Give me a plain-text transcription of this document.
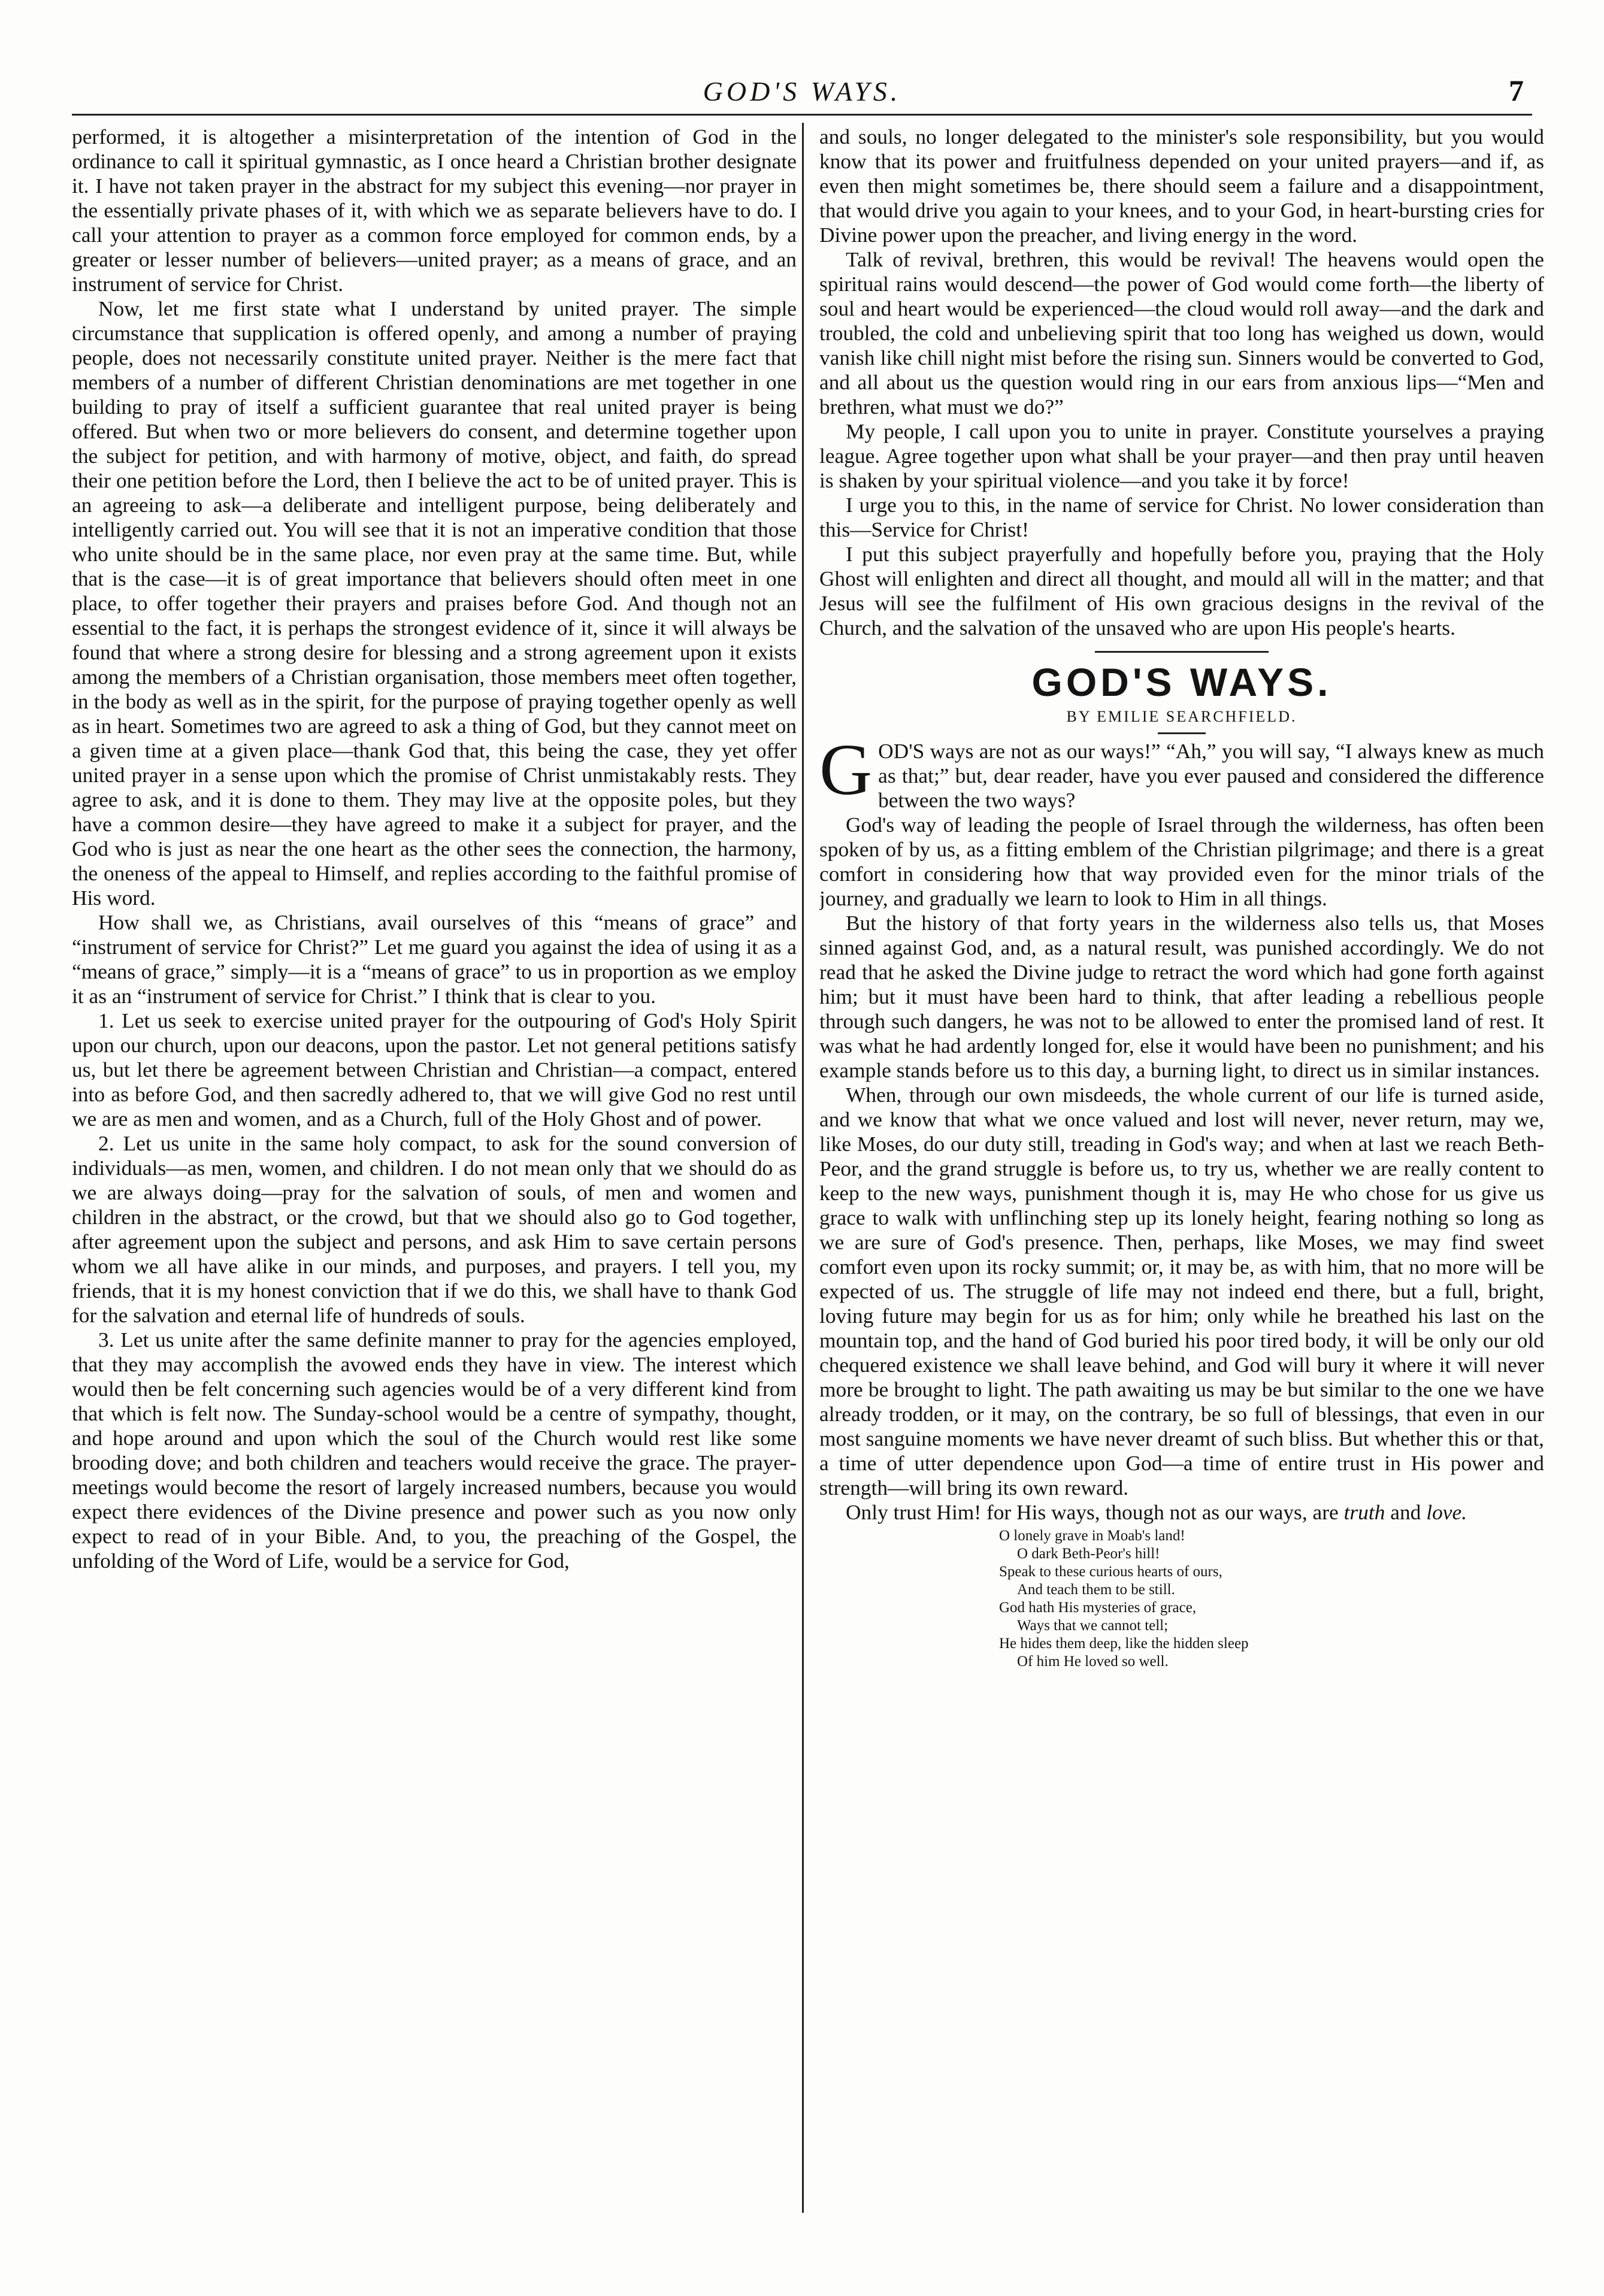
GOD'S WAYS.	7

performed, it is altogether a misinterpretation of the intention of God in the ordinance to call it spiritual gymnastic, as I once heard a Christian brother designate it. I have not taken prayer in the abstract for my subject this evening—nor prayer in the essentially private phases of it, with which we as separate believers have to do. I call your attention to prayer as a common force employed for common ends, by a greater or lesser number of believers—united prayer; as a means of grace, and an instrument of service for Christ.

Now, let me first state what I understand by united prayer. The simple circumstance that supplication is offered openly, and among a number of praying people, does not necessarily constitute united prayer. Neither is the mere fact that members of a number of different Christian denominations are met together in one building to pray of itself a sufficient guarantee that real united prayer is being offered. But when two or more believers do consent, and determine together upon the subject for petition, and with harmony of motive, object, and faith, do spread their one petition before the Lord, then I believe the act to be of united prayer. This is an agreeing to ask—a deliberate and intelligent purpose, being deliberately and intelligently carried out. You will see that it is not an imperative condition that those who unite should be in the same place, nor even pray at the same time. But, while that is the case—it is of great importance that believers should often meet in one place, to offer together their prayers and praises before God. And though not an essential to the fact, it is perhaps the strongest evidence of it, since it will always be found that where a strong desire for blessing and a strong agreement upon it exists among the members of a Christian organisation, those members meet often together, in the body as well as in the spirit, for the purpose of praying together openly as well as in heart. Sometimes two are agreed to ask a thing of God, but they cannot meet on a given time at a given place—thank God that, this being the case, they yet offer united prayer in a sense upon which the promise of Christ unmistakably rests. They agree to ask, and it is done to them. They may live at the opposite poles, but they have a common desire—they have agreed to make it a subject for prayer, and the God who is just as near the one heart as the other sees the connection, the harmony, the oneness of the appeal to Himself, and replies according to the faithful promise of His word.

How shall we, as Christians, avail ourselves of this “means of grace” and “instrument of service for Christ?” Let me guard you against the idea of using it as a “means of grace,” simply—it is a “means of grace” to us in proportion as we employ it as an “instrument of service for Christ.” I think that is clear to you.

1. Let us seek to exercise united prayer for the outpouring of God's Holy Spirit upon our church, upon our deacons, upon the pastor. Let not general petitions satisfy us, but let there be agreement between Christian and Christian—a compact, entered into as before God, and then sacredly adhered to, that we will give God no rest until we are as men and women, and as a Church, full of the Holy Ghost and of power.

2. Let us unite in the same holy compact, to ask for the sound conversion of individuals—as men, women, and children. I do not mean only that we should do as we are always doing—pray for the salvation of souls, of men and women and children in the abstract, or the crowd, but that we should also go to God together, after agreement upon the subject and persons, and ask Him to save certain persons whom we all have alike in our minds, and purposes, and prayers. I tell you, my friends, that it is my honest conviction that if we do this, we shall have to thank God for the salvation and eternal life of hundreds of souls.

3. Let us unite after the same definite manner to pray for the agencies employed, that they may accomplish the avowed ends they have in view. The interest which would then be felt concerning such agencies would be of a very different kind from that which is felt now. The Sunday-school would be a centre of sympathy, thought, and hope around and upon which the soul of the Church would rest like some brooding dove; and both children and teachers would receive the grace. The prayer-meetings would become the resort of largely increased numbers, because you would expect there evidences of the Divine presence and power such as you now only expect to read of in your Bible. And, to you, the preaching of the Gospel, the unfolding of the Word of Life, would be a service for God,

and souls, no longer delegated to the minister's sole responsibility, but you would know that its power and fruitfulness depended on your united prayers—and if, as even then might sometimes be, there should seem a failure and a disappointment, that would drive you again to your knees, and to your God, in heart-bursting cries for Divine power upon the preacher, and living energy in the word.

Talk of revival, brethren, this would be revival! The heavens would open the spiritual rains would descend—the power of God would come forth—the liberty of soul and heart would be experienced—the cloud would roll away—and the dark and troubled, the cold and unbelieving spirit that too long has weighed us down, would vanish like chill night mist before the rising sun. Sinners would be converted to God, and all about us the question would ring in our ears from anxious lips—“Men and brethren, what must we do?”

My people, I call upon you to unite in prayer. Constitute yourselves a praying league. Agree together upon what shall be your prayer—and then pray until heaven is shaken by your spiritual violence—and you take it by force!

I urge you to this, in the name of service for Christ. No lower consideration than this—Service for Christ!

I put this subject prayerfully and hopefully before you, praying that the Holy Ghost will enlighten and direct all thought, and mould all will in the matter; and that Jesus will see the fulfilment of His own gracious designs in the revival of the Church, and the salvation of the unsaved who are upon His people's hearts.

GOD'S WAYS.
BY EMILIE SEARCHFIELD.

GOD'S ways are not as our ways!” “Ah,” you will say, “I always knew as much as that;” but, dear reader, have you ever paused and considered the difference between the two ways?

God's way of leading the people of Israel through the wilderness, has often been spoken of by us, as a fitting emblem of the Christian pilgrimage; and there is a great comfort in considering how that way provided even for the minor trials of the journey, and gradually we learn to look to Him in all things.

But the history of that forty years in the wilderness also tells us, that Moses sinned against God, and, as a natural result, was punished accordingly. We do not read that he asked the Divine judge to retract the word which had gone forth against him; but it must have been hard to think, that after leading a rebellious people through such dangers, he was not to be allowed to enter the promised land of rest. It was what he had ardently longed for, else it would have been no punishment; and his example stands before us to this day, a burning light, to direct us in similar instances.

When, through our own misdeeds, the whole current of our life is turned aside, and we know that what we once valued and lost will never, never return, may we, like Moses, do our duty still, treading in God's way; and when at last we reach Beth-Peor, and the grand struggle is before us, to try us, whether we are really content to keep to the new ways, punishment though it is, may He who chose for us give us grace to walk with unflinching step up its lonely height, fearing nothing so long as we are sure of God's presence. Then, perhaps, like Moses, we may find sweet comfort even upon its rocky summit; or, it may be, as with him, that no more will be expected of us. The struggle of life may not indeed end there, but a full, bright, loving future may begin for us as for him; only while he breathed his last on the mountain top, and the hand of God buried his poor tired body, it will be only our old chequered existence we shall leave behind, and God will bury it where it will never more be brought to light. The path awaiting us may be but similar to the one we have already trodden, or it may, on the contrary, be so full of blessings, that even in our most sanguine moments we have never dreamt of such bliss. But whether this or that, a time of utter dependence upon God—a time of entire trust in His power and strength—will bring its own reward.

Only trust Him! for His ways, though not as our ways, are truth and love.

O lonely grave in Moab's land!
O dark Beth-Peor's hill!
Speak to these curious hearts of ours,
And teach them to be still.
God hath His mysteries of grace,
Ways that we cannot tell;
He hides them deep, like the hidden sleep
Of him He loved so well.
